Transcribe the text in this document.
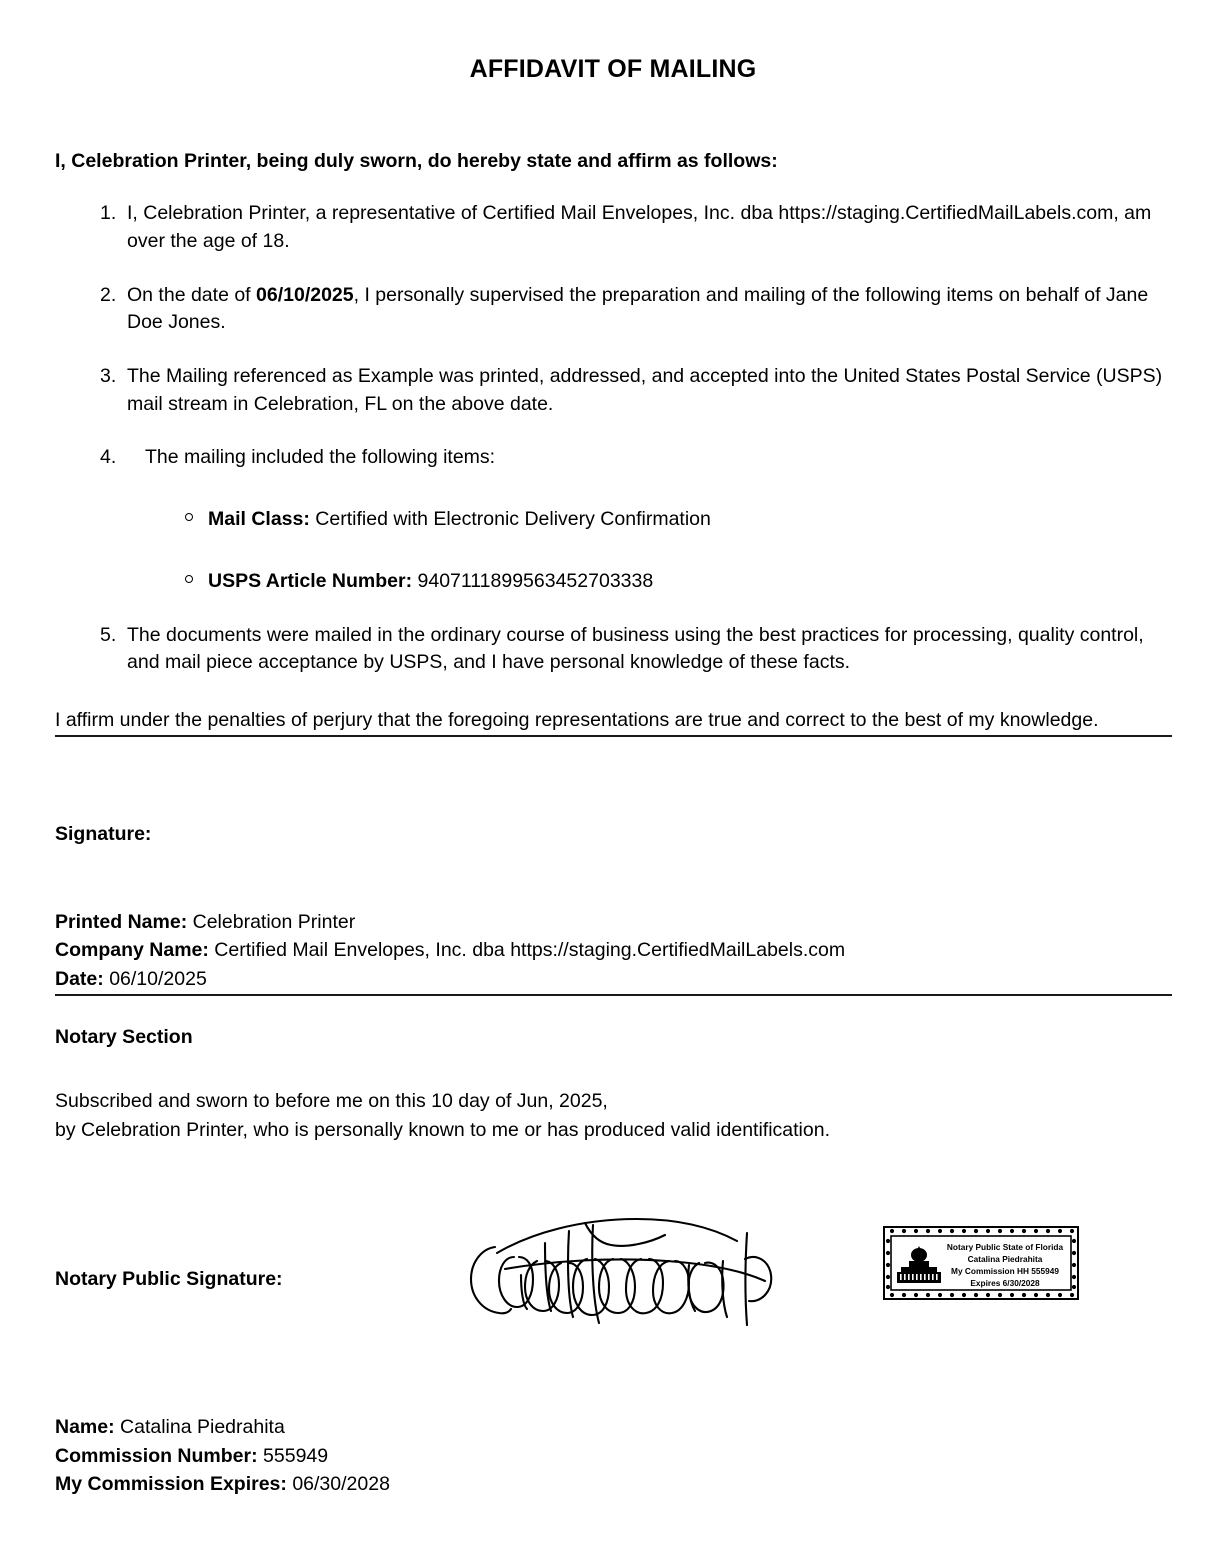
AFFIDAVIT OF MAILING

I, Celebration Printer, being duly sworn, do hereby state and affirm as follows:

1. I, Celebration Printer, a representative of Certified Mail Envelopes, Inc. dba https://staging.CertifiedMailLabels.com, am over the age of 18.
2. On the date of 06/10/2025, I personally supervised the preparation and mailing of the following items on behalf of Jane Doe Jones.
3. The Mailing referenced as Example was printed, addressed, and accepted into the United States Postal Service (USPS) mail stream in Celebration, FL on the above date.
4.	The mailing included the following items:
Mail Class: Certified with Electronic Delivery Confirmation
USPS Article Number: 9407111899563452703338
5. The documents were mailed in the ordinary course of business using the best practices for processing, quality control, and mail piece acceptance by USPS, and I have personal knowledge of these facts.

I affirm under the penalties of perjury that the foregoing representations are true and correct to the best of my knowledge.

Signature:
Printed Name: Celebration Printer
Company Name: Certified Mail Envelopes, Inc. dba https://staging.CertifiedMailLabels.com
Date: 06/10/2025
Notary Section
Subscribed and sworn to before me on this 10 day of Jun, 2025,
by Celebration Printer, who is personally known to me or has produced valid identification.
Notary Public Signature:
Notary Public State of Florida
Catalina Piedrahita
My Commission HH 555949
Expires 6/30/2028
Name: Catalina Piedrahita
Commission Number: 555949
My Commission Expires: 06/30/2028
